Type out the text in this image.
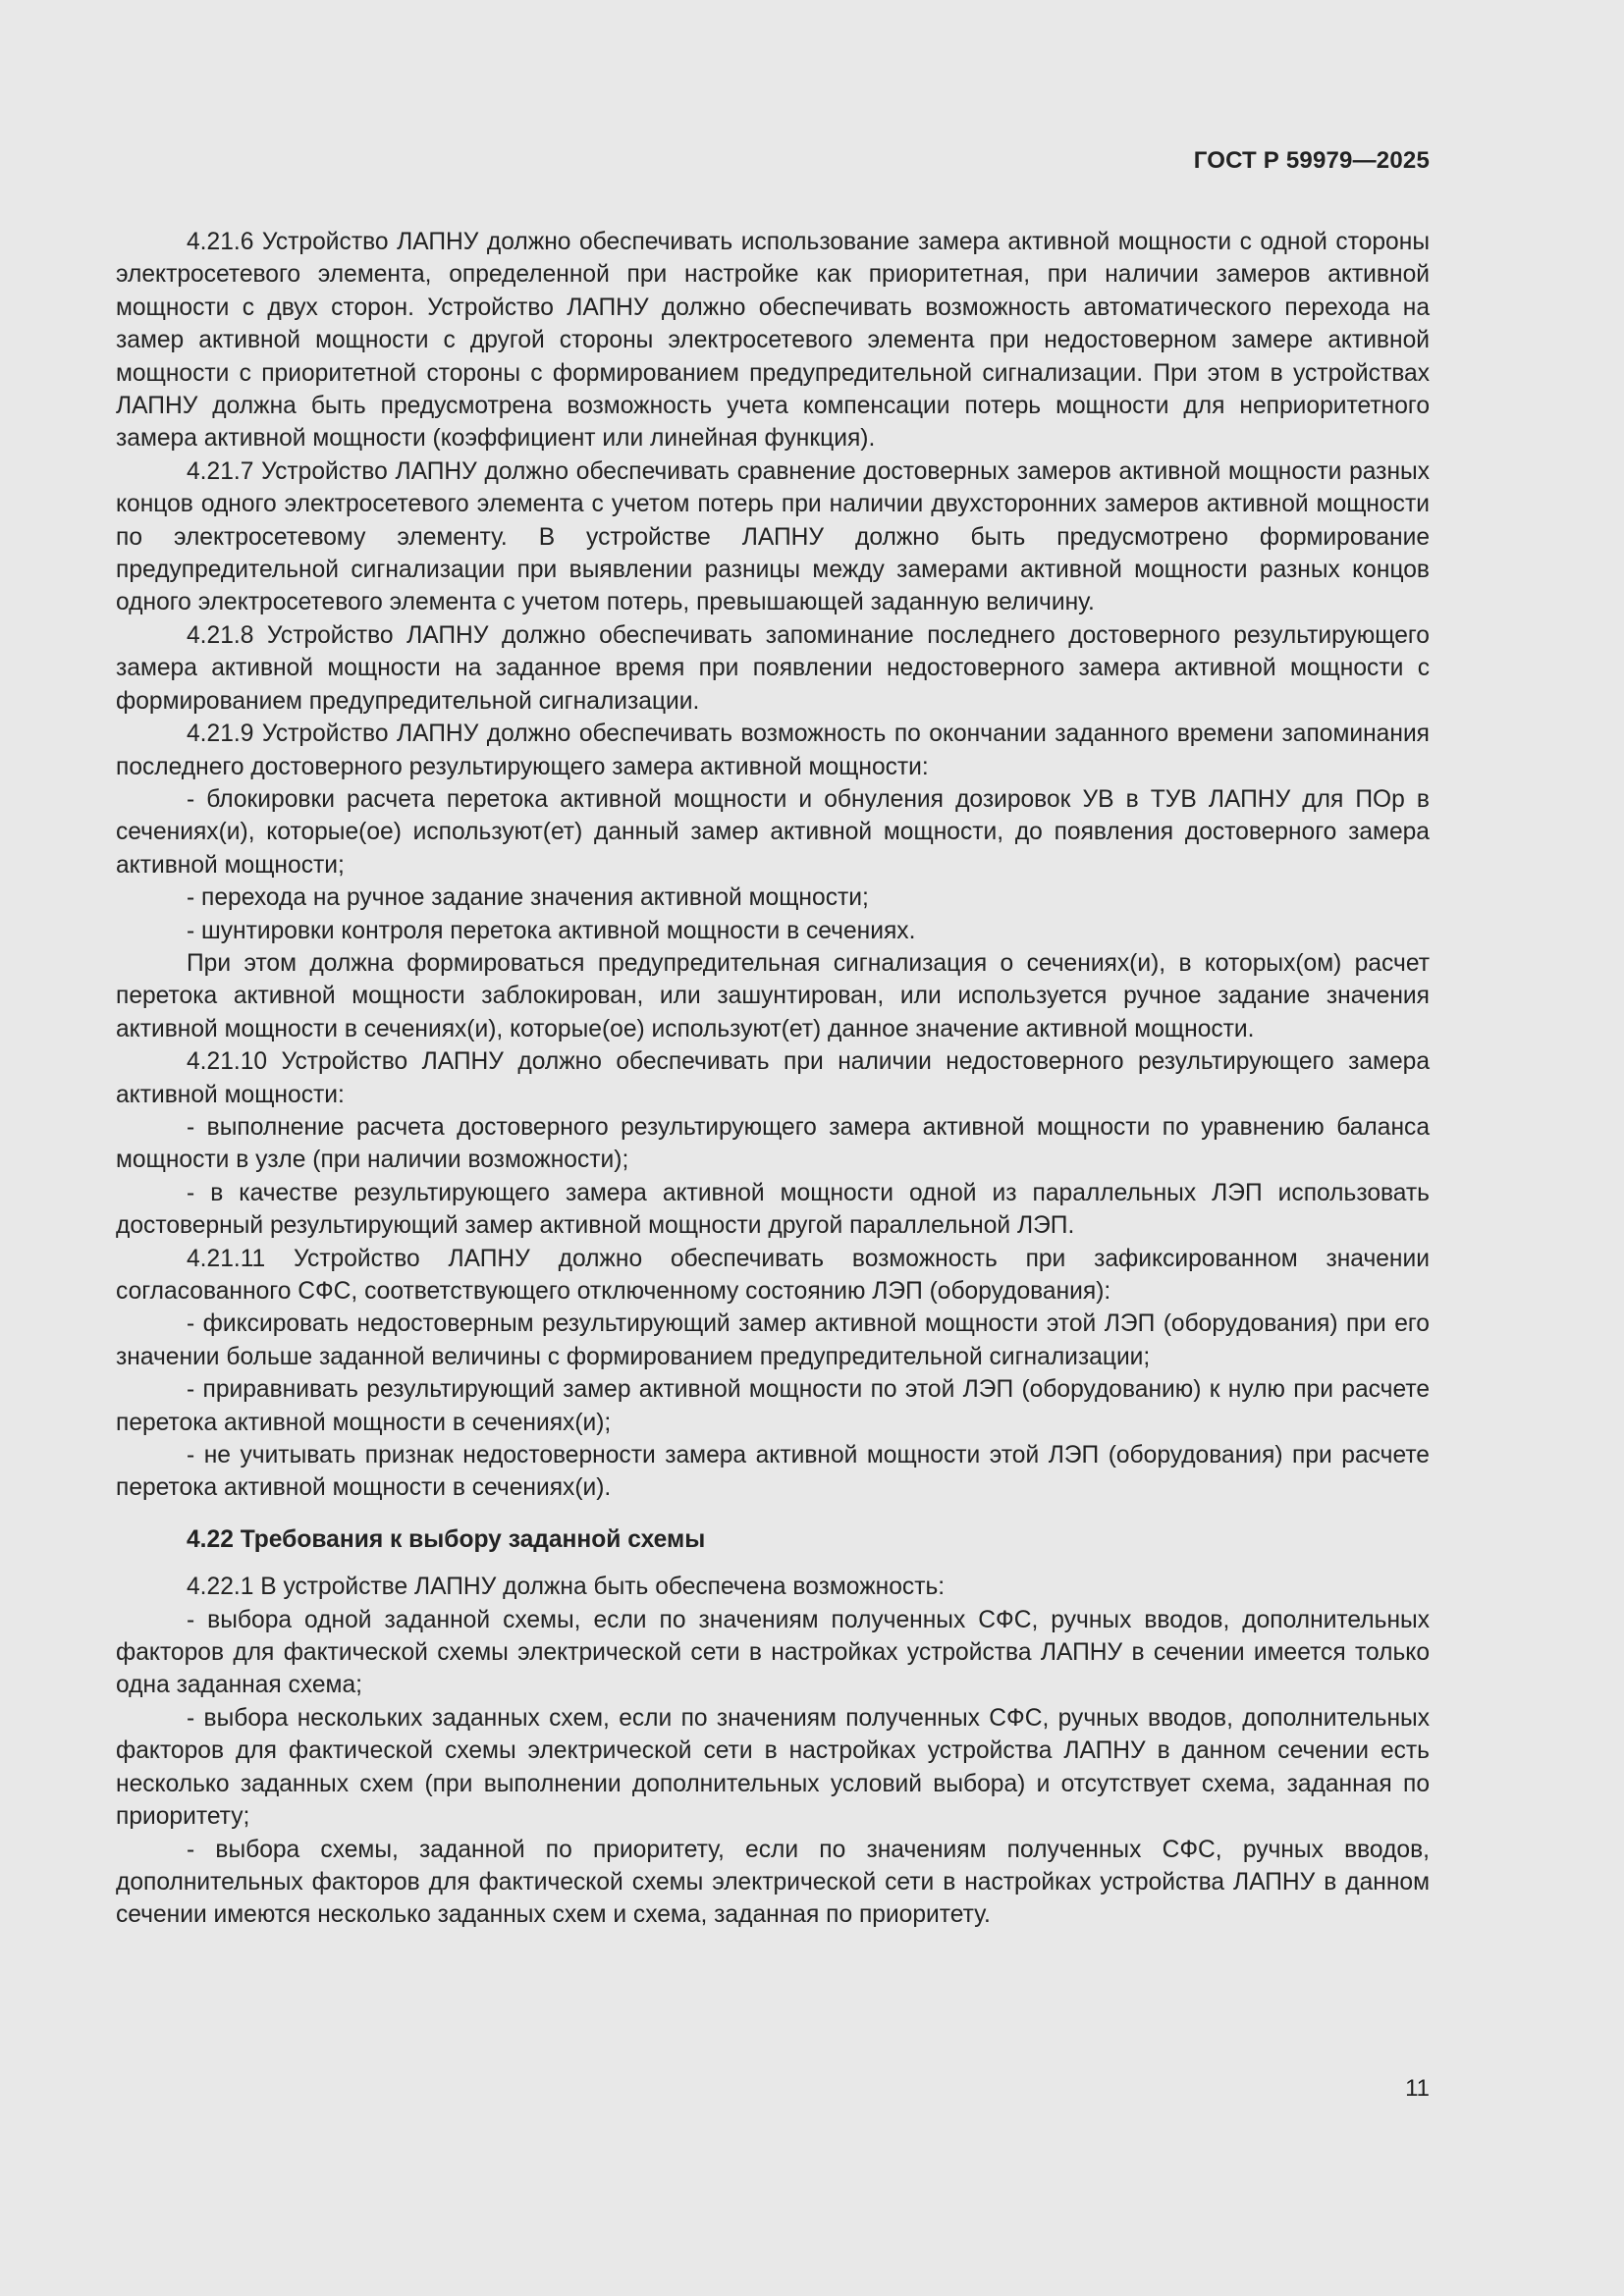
ГОСТ Р 59979—2025

4.21.6 Устройство ЛАПНУ должно обеспечивать использование замера активной мощности с одной стороны электросетевого элемента, определенной при настройке как приоритетная, при наличии замеров активной мощности с двух сторон. Устройство ЛАПНУ должно обеспечивать возможность автоматического перехода на замер активной мощности с другой стороны электросетевого элемента при недостоверном замере активной мощности с приоритетной стороны с формированием предупредительной сигнализации. При этом в устройствах ЛАПНУ должна быть предусмотрена возможность учета компенсации потерь мощности для неприоритетного замера активной мощности (коэффициент или линейная функция).

4.21.7 Устройство ЛАПНУ должно обеспечивать сравнение достоверных замеров активной мощности разных концов одного электросетевого элемента с учетом потерь при наличии двухсторонних замеров активной мощности по электросетевому элементу. В устройстве ЛАПНУ должно быть предусмотрено формирование предупредительной сигнализации при выявлении разницы между замерами активной мощности разных концов одного электросетевого элемента с учетом потерь, превышающей заданную величину.

4.21.8 Устройство ЛАПНУ должно обеспечивать запоминание последнего достоверного результирующего замера активной мощности на заданное время при появлении недостоверного замера активной мощности с формированием предупредительной сигнализации.

4.21.9 Устройство ЛАПНУ должно обеспечивать возможность по окончании заданного времени запоминания последнего достоверного результирующего замера активной мощности:

- блокировки расчета перетока активной мощности и обнуления дозировок УВ в ТУВ ЛАПНУ для ПОр в сечениях(и), которые(ое) используют(ет) данный замер активной мощности, до появления достоверного замера активной мощности;

- перехода на ручное задание значения активной мощности;

- шунтировки контроля перетока активной мощности в сечениях.

При этом должна формироваться предупредительная сигнализация о сечениях(и), в которых(ом) расчет перетока активной мощности заблокирован, или зашунтирован, или используется ручное задание значения активной мощности в сечениях(и), которые(ое) используют(ет) данное значение активной мощности.

4.21.10 Устройство ЛАПНУ должно обеспечивать при наличии недостоверного результирующего замера активной мощности:

- выполнение расчета достоверного результирующего замера активной мощности по уравнению баланса мощности в узле (при наличии возможности);

- в качестве результирующего замера активной мощности одной из параллельных ЛЭП использовать достоверный результирующий замер активной мощности другой параллельной ЛЭП.

4.21.11 Устройство ЛАПНУ должно обеспечивать возможность при зафиксированном значении согласованного СФС, соответствующего отключенному состоянию ЛЭП (оборудования):

- фиксировать недостоверным результирующий замер активной мощности этой ЛЭП (оборудования) при его значении больше заданной величины с формированием предупредительной сигнализации;

- приравнивать результирующий замер активной мощности по этой ЛЭП (оборудованию) к нулю при расчете перетока активной мощности в сечениях(и);

- не учитывать признак недостоверности замера активной мощности этой ЛЭП (оборудования) при расчете перетока активной мощности в сечениях(и).

4.22 Требования к выбору заданной схемы

4.22.1 В устройстве ЛАПНУ должна быть обеспечена возможность:

- выбора одной заданной схемы, если по значениям полученных СФС, ручных вводов, дополнительных факторов для фактической схемы электрической сети в настройках устройства ЛАПНУ в сечении имеется только одна заданная схема;

- выбора нескольких заданных схем, если по значениям полученных СФС, ручных вводов, дополнительных факторов для фактической схемы электрической сети в настройках устройства ЛАПНУ в данном сечении есть несколько заданных схем (при выполнении дополнительных условий выбора) и отсутствует схема, заданная по приоритету;

- выбора схемы, заданной по приоритету, если по значениям полученных СФС, ручных вводов, дополнительных факторов для фактической схемы электрической сети в настройках устройства ЛАПНУ в данном сечении имеются несколько заданных схем и схема, заданная по приоритету.

11
